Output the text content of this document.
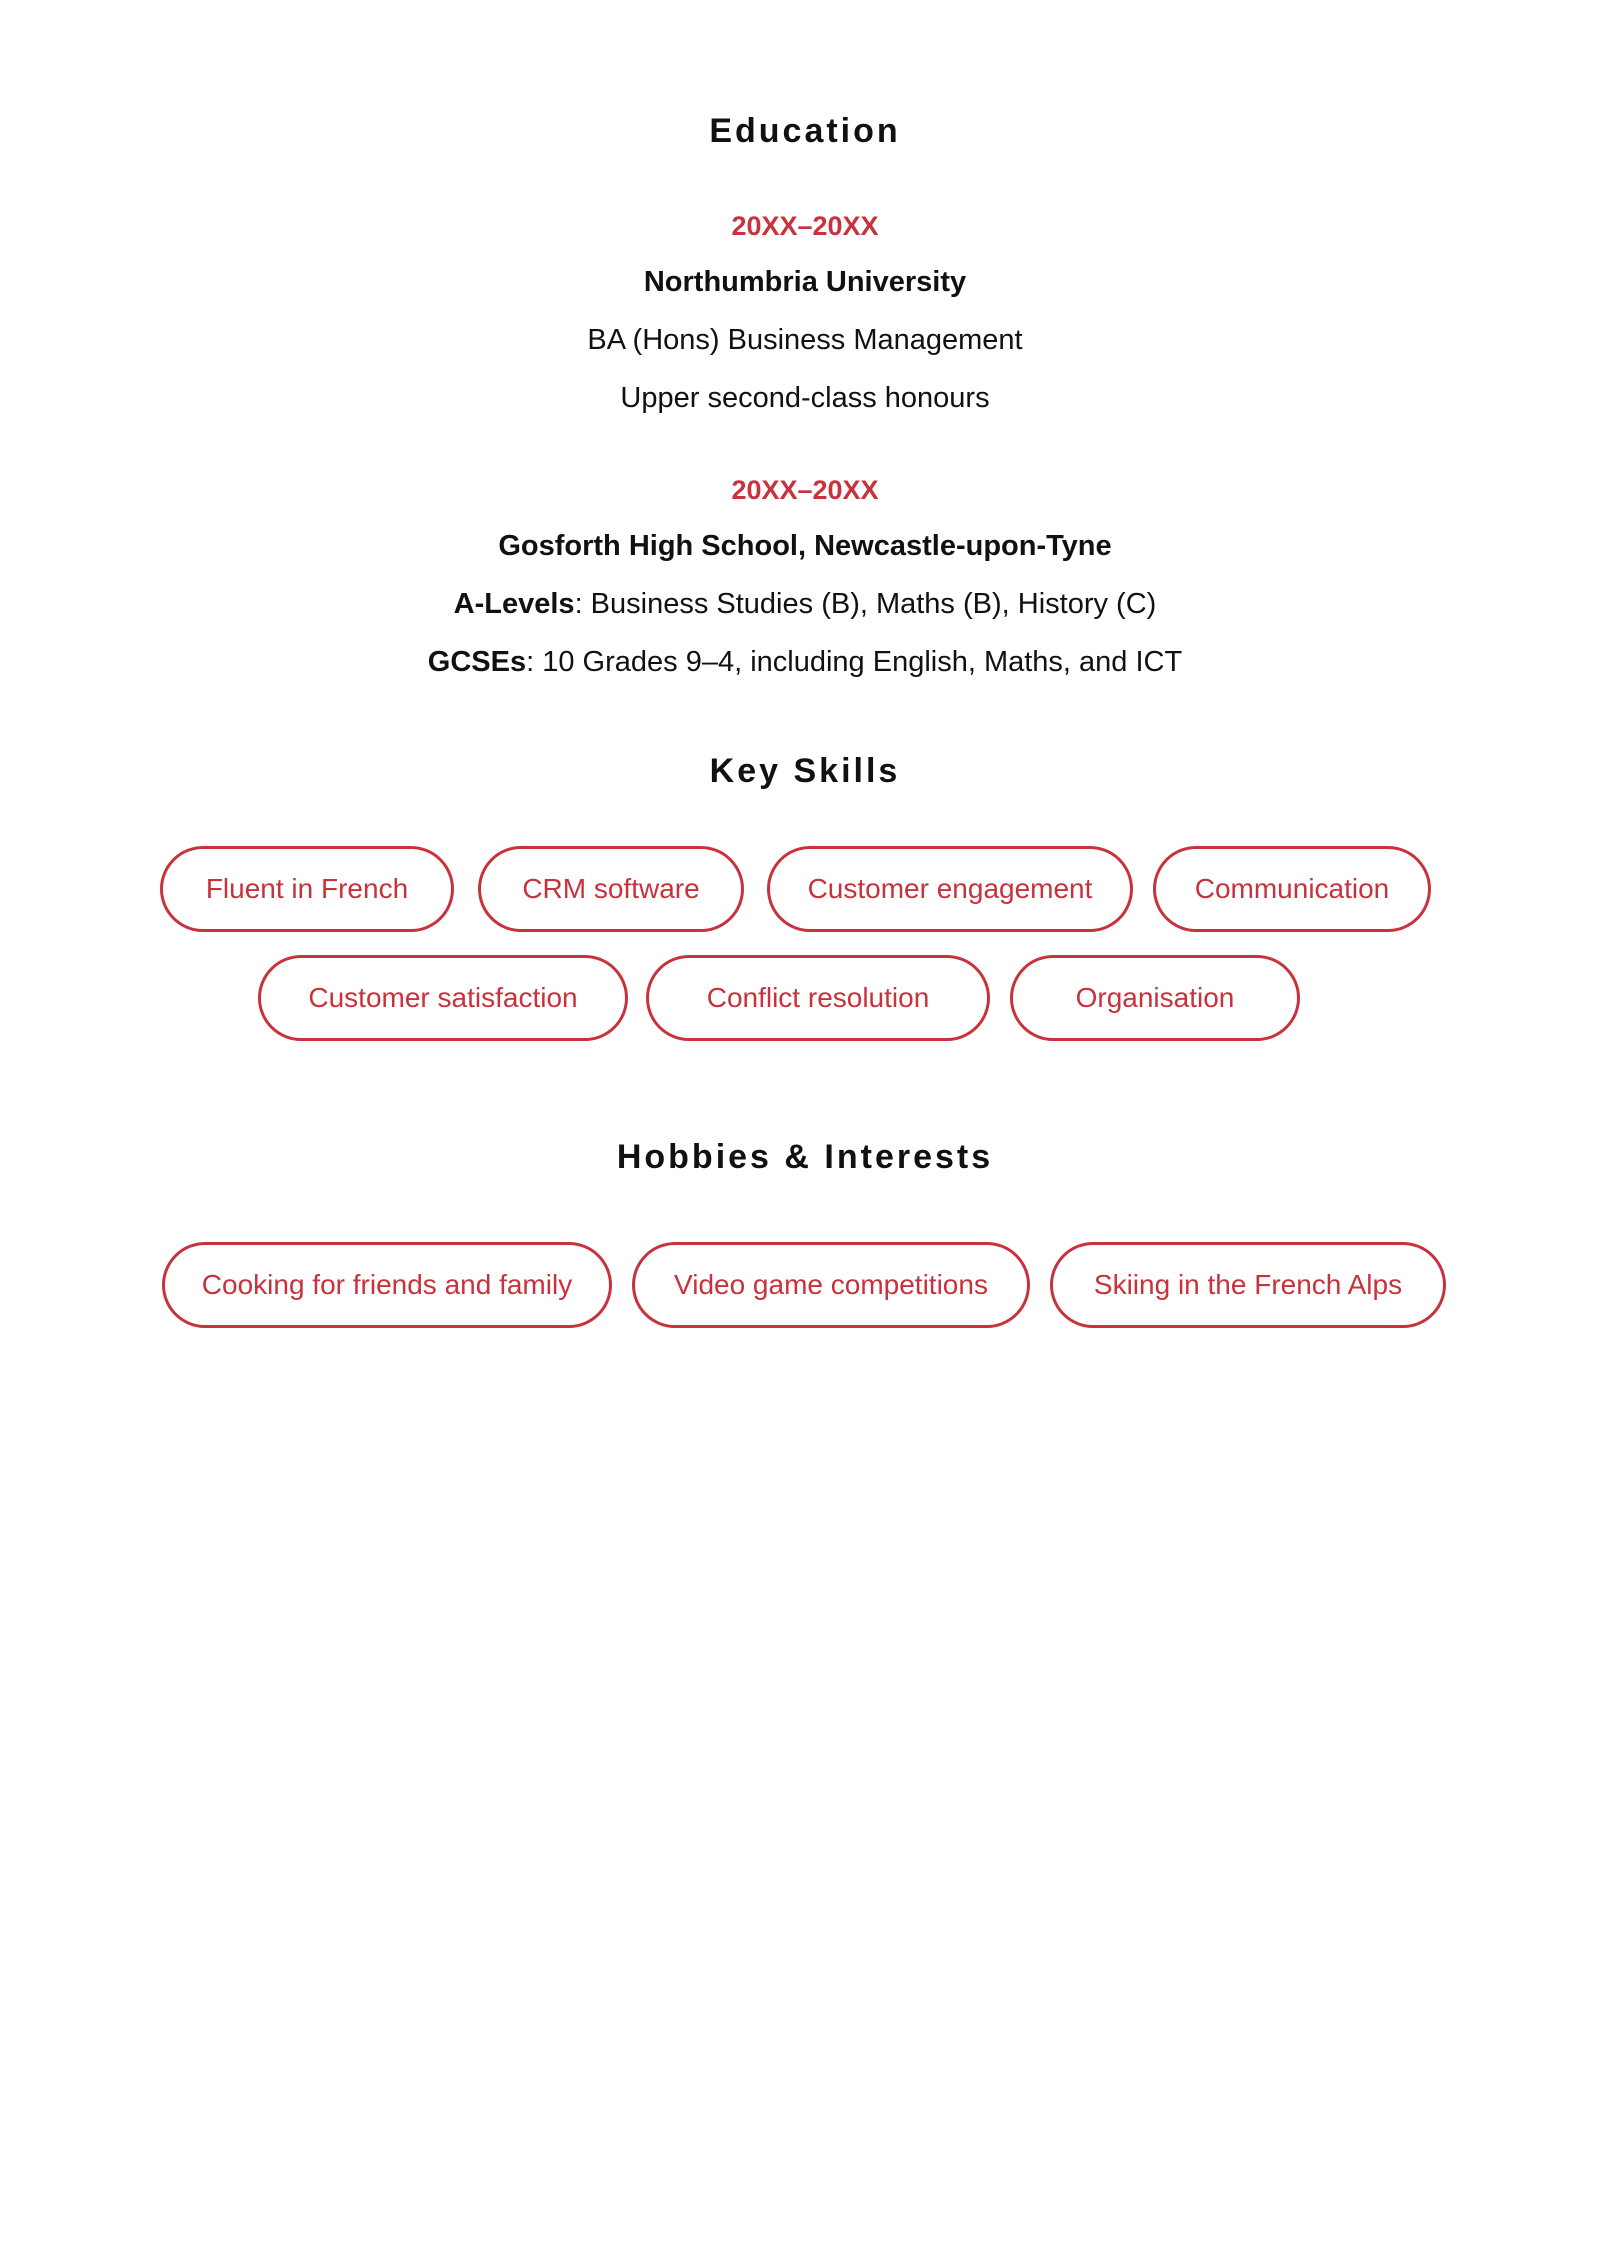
Education

20XX–20XX

Northumbria University

BA (Hons) Business Management

Upper second-class honours

20XX–20XX

Gosforth High School, Newcastle-upon-Tyne

A-Levels: Business Studies (B), Maths (B), History (C)

GCSEs: 10 Grades 9–4, including English, Maths, and ICT

Key Skills
Fluent in French	CRM software	Customer engagement	Communication
Customer satisfaction	Conflict resolution	Organisation
Hobbies & Interests
Cooking for friends and family	Video game competitions	Skiing in the French Alps
